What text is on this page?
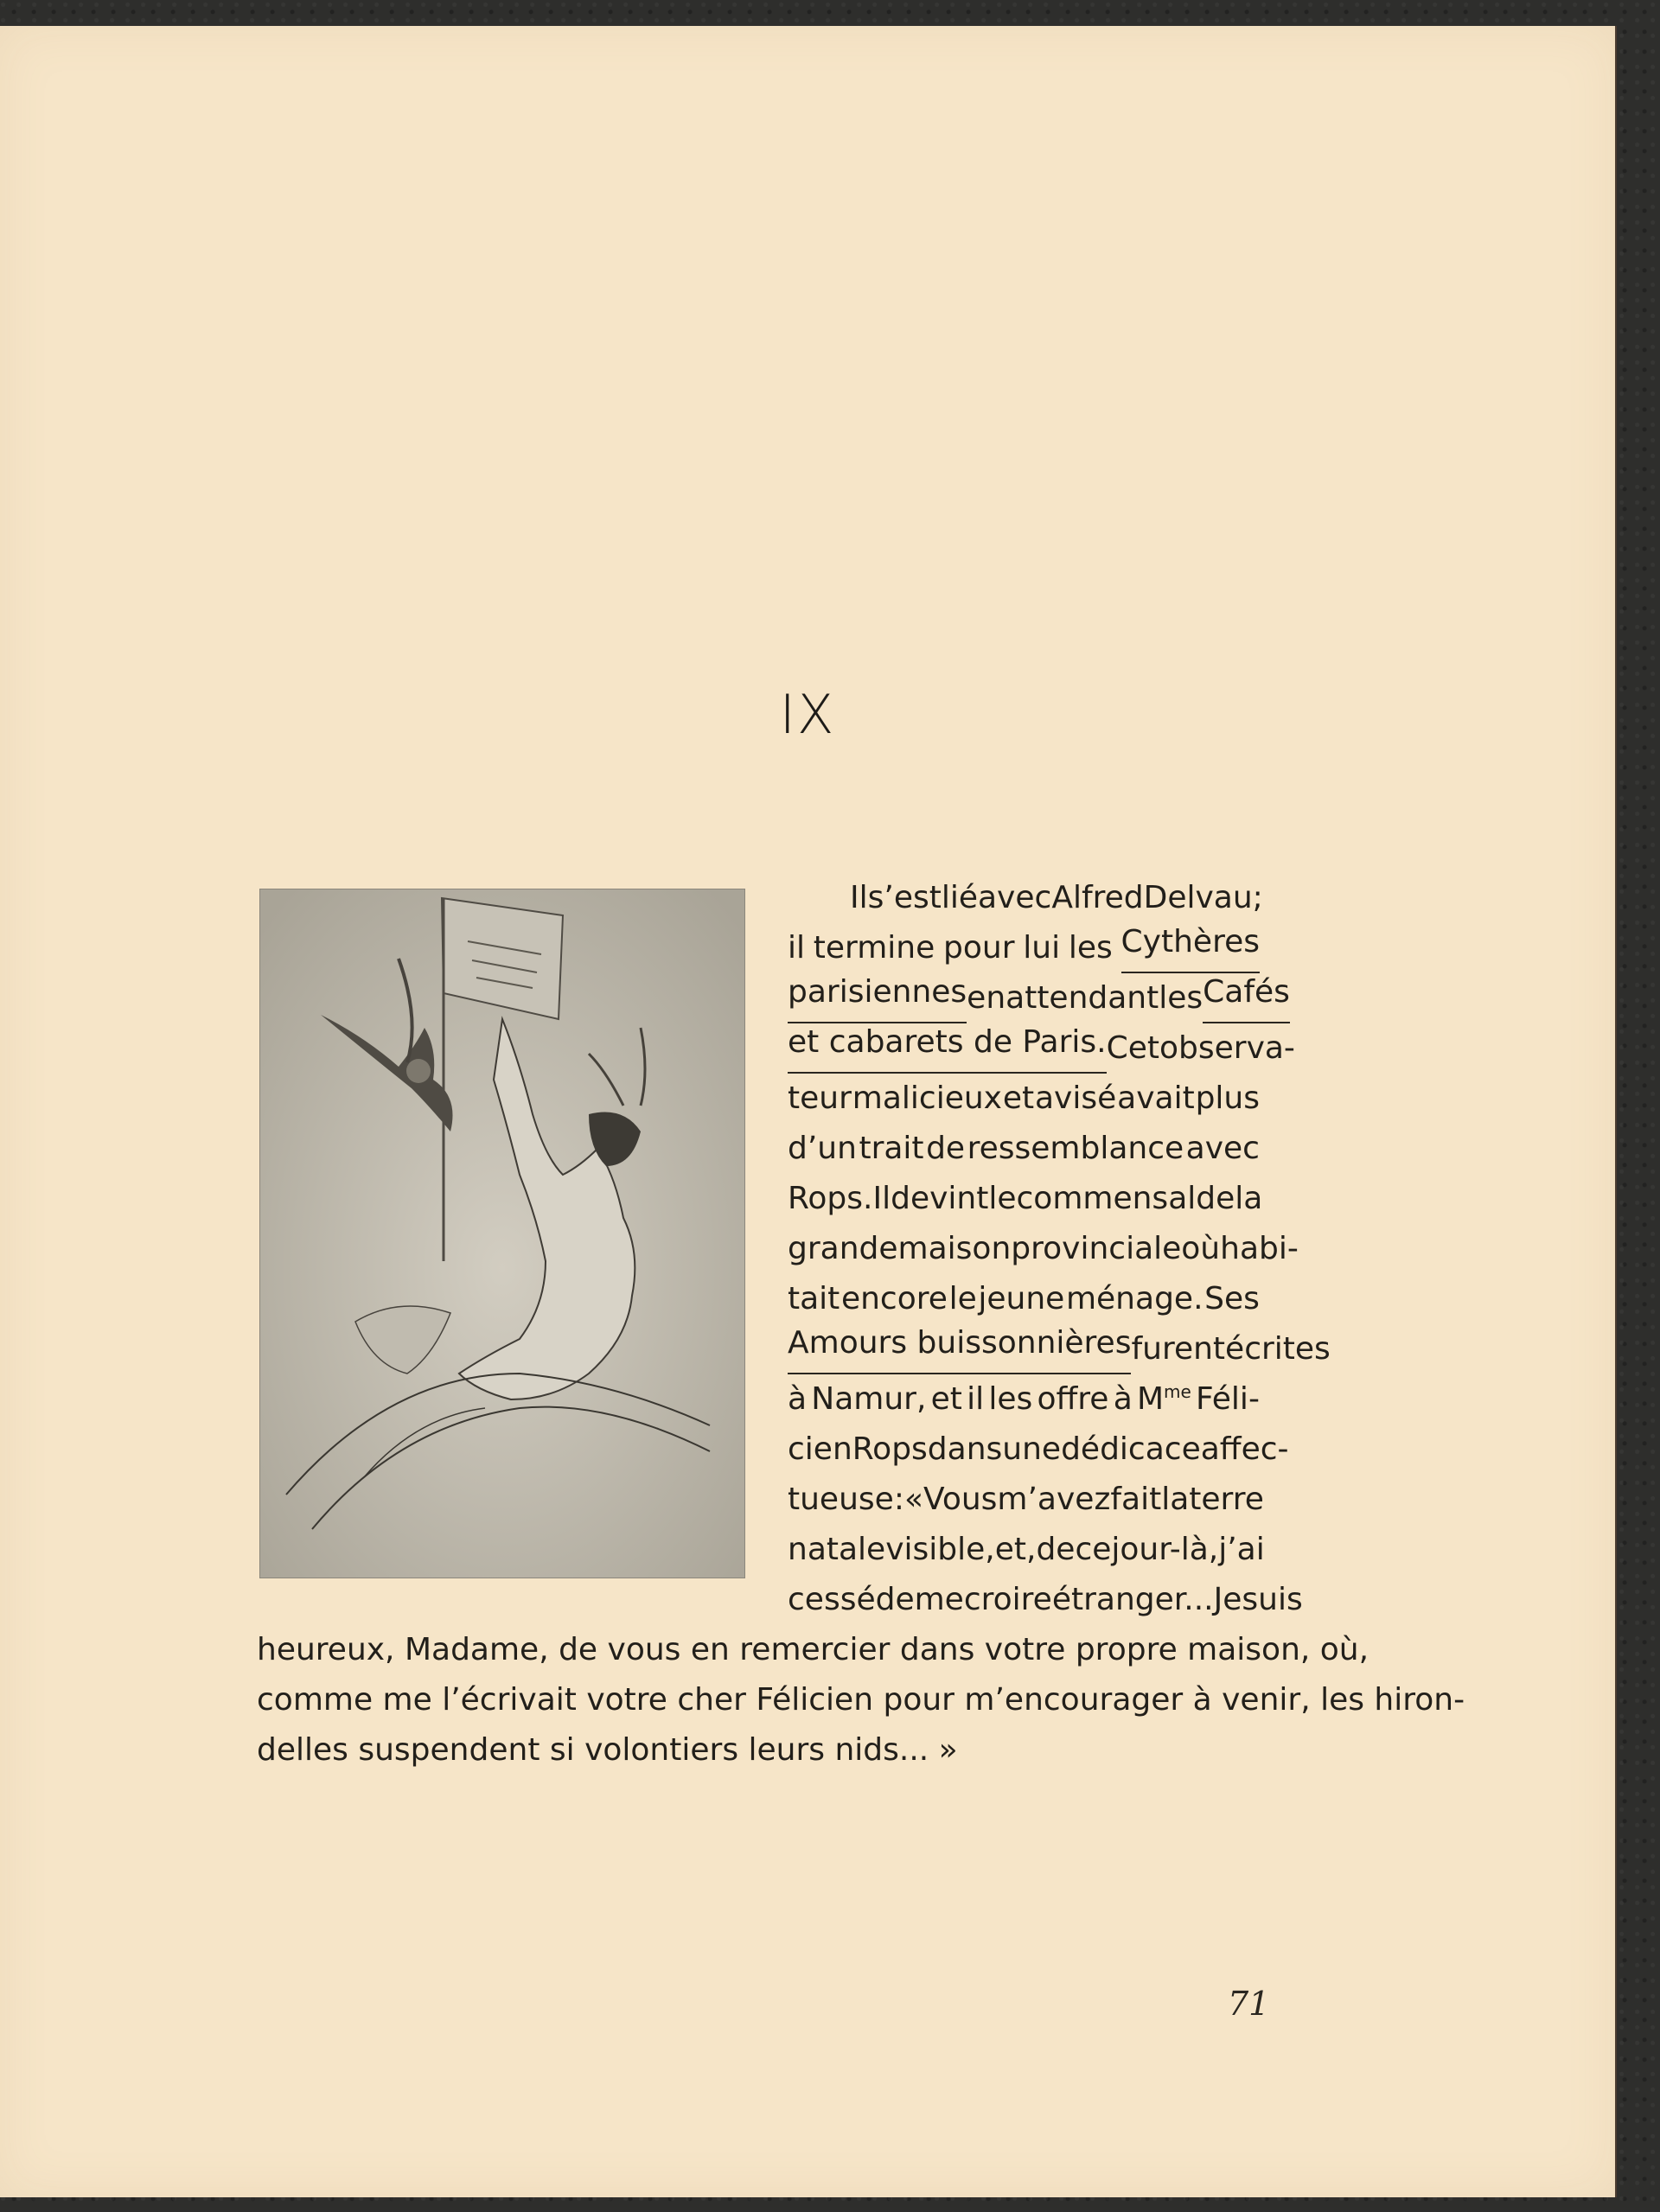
IX
Il s’est lié avec Alfred Delvau;
il termine pour lui les Cythères
parisiennes en attendant les Cafés
et cabarets de Paris. Cet observa-
teur malicieux et avisé avait plus
d’un trait de ressemblance avec
Rops. Il devint le commensal de la
grande maison provinciale où habi-
tait encore le jeune ménage. Ses
Amours buissonnières furent écrites
à Namur, et il les offre à $M^{me}$ Féli-
cien Rops dans une dédicace affec-
tueuse : « Vous m’avez fait la terre
natale visible, et, de ce jour-là, j’ai
cessé de me croire étranger... Je suis
heureux, Madame, de vous en remercier dans votre propre maison, où,
comme me l’écrivait votre cher Félicien pour m’encourager à venir, les hiron-
delles suspendent si volontiers leurs nids... »
71
